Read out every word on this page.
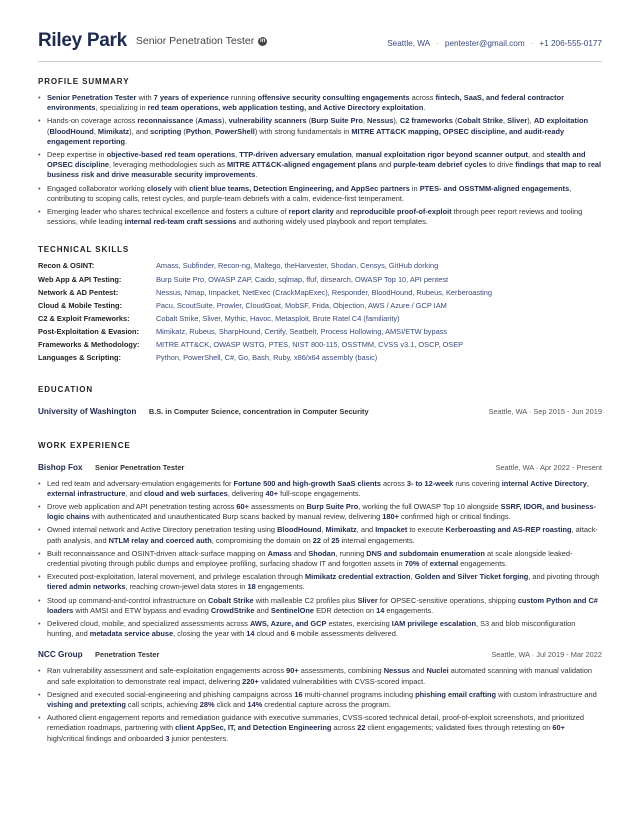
Riley Park Senior Penetration Tester in	Seattle, WA · pentester@gmail.com · +1 206-555-0177
PROFILE SUMMARY
• Senior Penetration Tester with 7 years of experience running offensive security consulting engagements across fintech, SaaS, and federal contractor environments, specializing in red team operations, web application testing, and Active Directory exploitation.
• Hands-on coverage across reconnaissance (Amass), vulnerability scanners (Burp Suite Pro, Nessus), C2 frameworks (Cobalt Strike, Sliver), AD exploitation (BloodHound, Mimikatz), and scripting (Python, PowerShell) with strong fundamentals in MITRE ATT&CK mapping, OPSEC discipline, and audit-ready engagement reporting.
• Deep expertise in objective-based red team operations, TTP-driven adversary emulation, manual exploitation rigor beyond scanner output, and stealth and OPSEC discipline, leveraging methodologies such as MITRE ATT&CK-aligned engagement plans and purple-team debrief cycles to drive findings that map to real business risk and drive measurable security improvements.
• Engaged collaborator working closely with client blue teams, Detection Engineering, and AppSec partners in PTES- and OSSTMM-aligned engagements, contributing to scoping calls, retest cycles, and purple-team debriefs with a calm, evidence-first temperament.
• Emerging leader who shares technical excellence and fosters a culture of report clarity and reproducible proof-of-exploit through peer report reviews and tooling sessions, while leading internal red-team craft sessions and authoring widely used playbook and report templates.
TECHNICAL SKILLS
Recon & OSINT:	Amass, Subfinder, Recon-ng, Maltego, theHarvester, Shodan, Censys, GitHub dorking
Web App & API Testing:	Burp Suite Pro, OWASP ZAP, Caido, sqlmap, ffuf, dirsearch, OWASP Top 10, API pentest
Network & AD Pentest:	Nessus, Nmap, Impacket, NetExec (CrackMapExec), Responder, BloodHound, Rubeus, Kerberoasting
Cloud & Mobile Testing:	Pacu, ScoutSuite, Prowler, CloudGoat, MobSF, Frida, Objection, AWS / Azure / GCP IAM
C2 & Exploit Frameworks:	Cobalt Strike, Sliver, Mythic, Havoc, Metasploit, Brute Ratel C4 (familiarity)
Post-Exploitation & Evasion:	Mimikatz, Rubeus, SharpHound, Certify, Seatbelt, Process Hollowing, AMSI/ETW bypass
Frameworks & Methodology:	MITRE ATT&CK, OWASP WSTG, PTES, NIST 800-115, OSSTMM, CVSS v3.1, OSCP, OSEP
Languages & Scripting:	Python, PowerShell, C#, Go, Bash, Ruby, x86/x64 assembly (basic)
EDUCATION
University of Washington B.S. in Computer Science, concentration in Computer Security	Seattle, WA · Sep 2015 - Jun 2019
WORK EXPERIENCE
Bishop Fox Senior Penetration Tester	Seattle, WA · Apr 2022 - Present
• Led red team and adversary-emulation engagements for Fortune 500 and high-growth SaaS clients across 3- to 12-week runs covering internal Active Directory, external infrastructure, and cloud and web surfaces, delivering 40+ full-scope engagements.
• Drove web application and API penetration testing across 60+ assessments on Burp Suite Pro, working the full OWASP Top 10 alongside SSRF, IDOR, and business-logic chains with authenticated and unauthenticated Burp scans backed by manual review, delivering 180+ confirmed high or critical findings.
• Owned internal network and Active Directory penetration testing using BloodHound, Mimikatz, and Impacket to execute Kerberoasting and AS-REP roasting, attack-path analysis, and NTLM relay and coerced auth, compromising the domain on 22 of 25 internal engagements.
• Built reconnaissance and OSINT-driven attack-surface mapping on Amass and Shodan, running DNS and subdomain enumeration at scale alongside leaked-credential pivoting through public dumps and employee profiling, surfacing shadow IT and forgotten assets in 70% of external engagements.
• Executed post-exploitation, lateral movement, and privilege escalation through Mimikatz credential extraction, Golden and Silver Ticket forging, and pivoting through tiered admin networks, reaching crown-jewel data stores in 18 engagements.
• Stood up command-and-control infrastructure on Cobalt Strike with malleable C2 profiles plus Sliver for OPSEC-sensitive operations, shipping custom Python and C# loaders with AMSI and ETW bypass and evading CrowdStrike and SentinelOne EDR detection on 14 engagements.
• Delivered cloud, mobile, and specialized assessments across AWS, Azure, and GCP estates, exercising IAM privilege escalation, S3 and blob misconfiguration hunting, and metadata service abuse, closing the year with 14 cloud and 6 mobile assessments delivered.
NCC Group Penetration Tester	Seattle, WA · Jul 2019 - Mar 2022
• Ran vulnerability assessment and safe-exploitation engagements across 90+ assessments, combining Nessus and Nuclei automated scanning with manual validation and safe exploitation to demonstrate real impact, delivering 220+ validated vulnerabilities with CVSS-scored impact.
• Designed and executed social-engineering and phishing campaigns across 16 multi-channel programs including phishing email crafting with custom infrastructure and vishing and pretexting call scripts, achieving 28% click and 14% credential capture across the program.
• Authored client engagement reports and remediation guidance with executive summaries, CVSS-scored technical detail, proof-of-exploit screenshots, and prioritized remediation roadmaps, partnering with client AppSec, IT, and Detection Engineering across 22 client engagements; validated fixes through retesting on 60+ high/critical findings and onboarded 3 junior pentesters.
